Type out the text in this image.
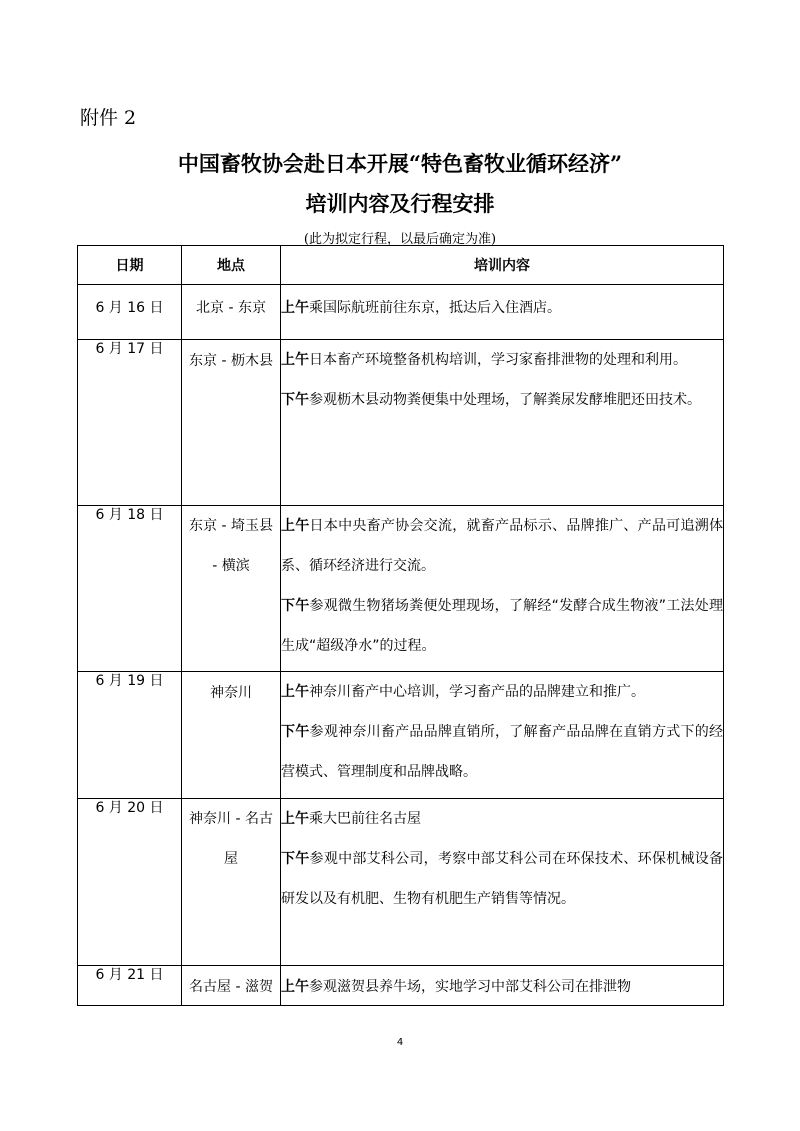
附件 2
中国畜牧协会赴日本开展“特色畜牧业循环经济”
培训内容及行程安排
(此为拟定行程，以最后确定为准)
日期	地点	培训内容
6 月 16 日	北京 - 东京	上午乘国际航班前往东京，抵达后入住酒店。

6 月 17 日	东京 - 枥木县	上午日本畜产环境整备机构培训，学习家畜排泄物的处理和利用。
下午参观枥木县动物粪便集中处理场，了解粪尿发酵堆肥还田技术。

6 月 18 日	东京 - 埼玉县 - 横滨	上午日本中央畜产协会交流，就畜产品标示、品牌推广、产品可追溯体系、循环经济进行交流。
下午参观微生物猪场粪便处理现场，了解经“发酵合成生物液”工法处理生成“超级净水”的过程。

6 月 19 日	神奈川	上午神奈川畜产中心培训，学习畜产品的品牌建立和推广。
下午参观神奈川畜产品品牌直销所，了解畜产品品牌在直销方式下的经营模式、管理制度和品牌战略。

6 月 20 日	神奈川 - 名古屋	上午乘大巴前往名古屋
下午参观中部艾科公司，考察中部艾科公司在环保技术、环保机械设备研发以及有机肥、生物有机肥生产销售等情况。

6 月 21 日	名古屋 - 滋贺	上午参观滋贺县养牛场，实地学习中部艾科公司在排泄物
4
